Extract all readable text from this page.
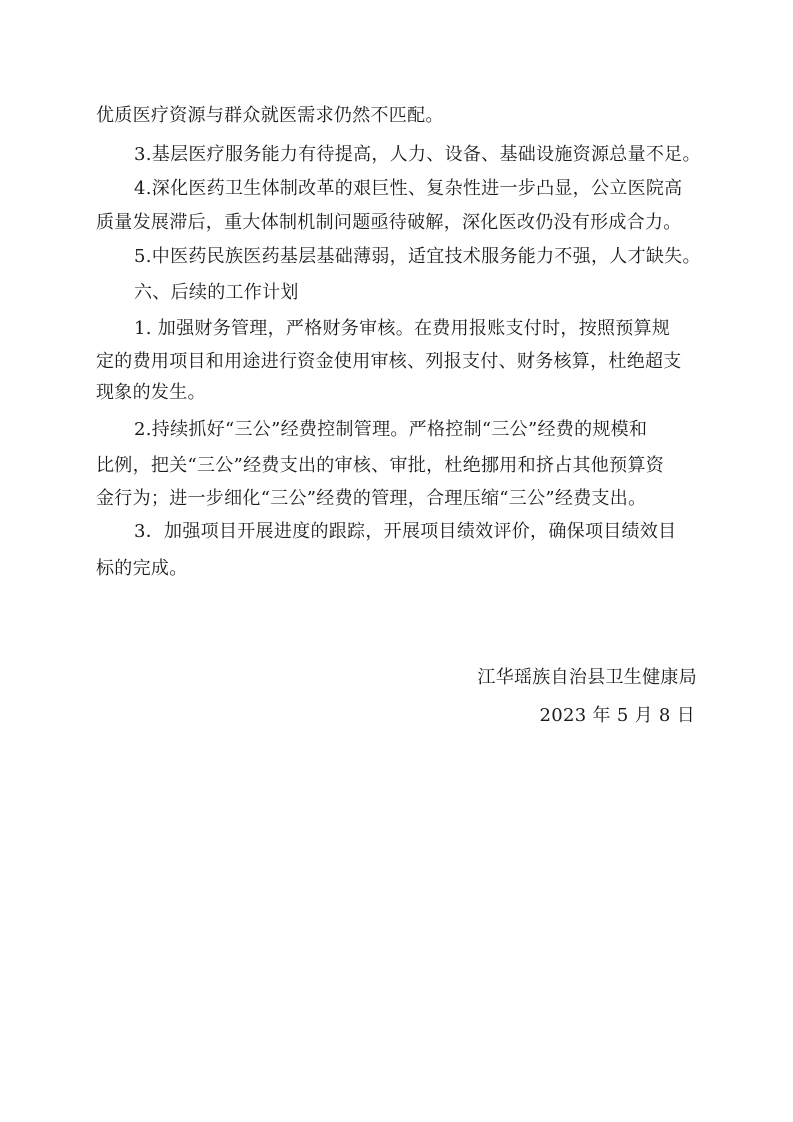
优质医疗资源与群众就医需求仍然不匹配。
3.基层医疗服务能力有待提高，人力、设备、基础设施资源总量不足。
4.深化医药卫生体制改革的艰巨性、复杂性进一步凸显，公立医院高
质量发展滞后，重大体制机制问题亟待破解，深化医改仍没有形成合力。
5.中医药民族医药基层基础薄弱，适宜技术服务能力不强，人才缺失。
六、后续的工作计划
1. 加强财务管理，严格财务审核。在费用报账支付时，按照预算规
定的费用项目和用途进行资金使用审核、列报支付、财务核算，杜绝超支
现象的发生。
2.持续抓好“三公”经费控制管理。严格控制“三公”经费的规模和
比例，把关“三公”经费支出的审核、审批，杜绝挪用和挤占其他预算资
金行为；进一步细化“三公”经费的管理，合理压缩“三公”经费支出。
3．加强项目开展进度的跟踪，开展项目绩效评价，确保项目绩效目
标的完成。
江华瑶族自治县卫生健康局
2023 年 5 月 8 日
